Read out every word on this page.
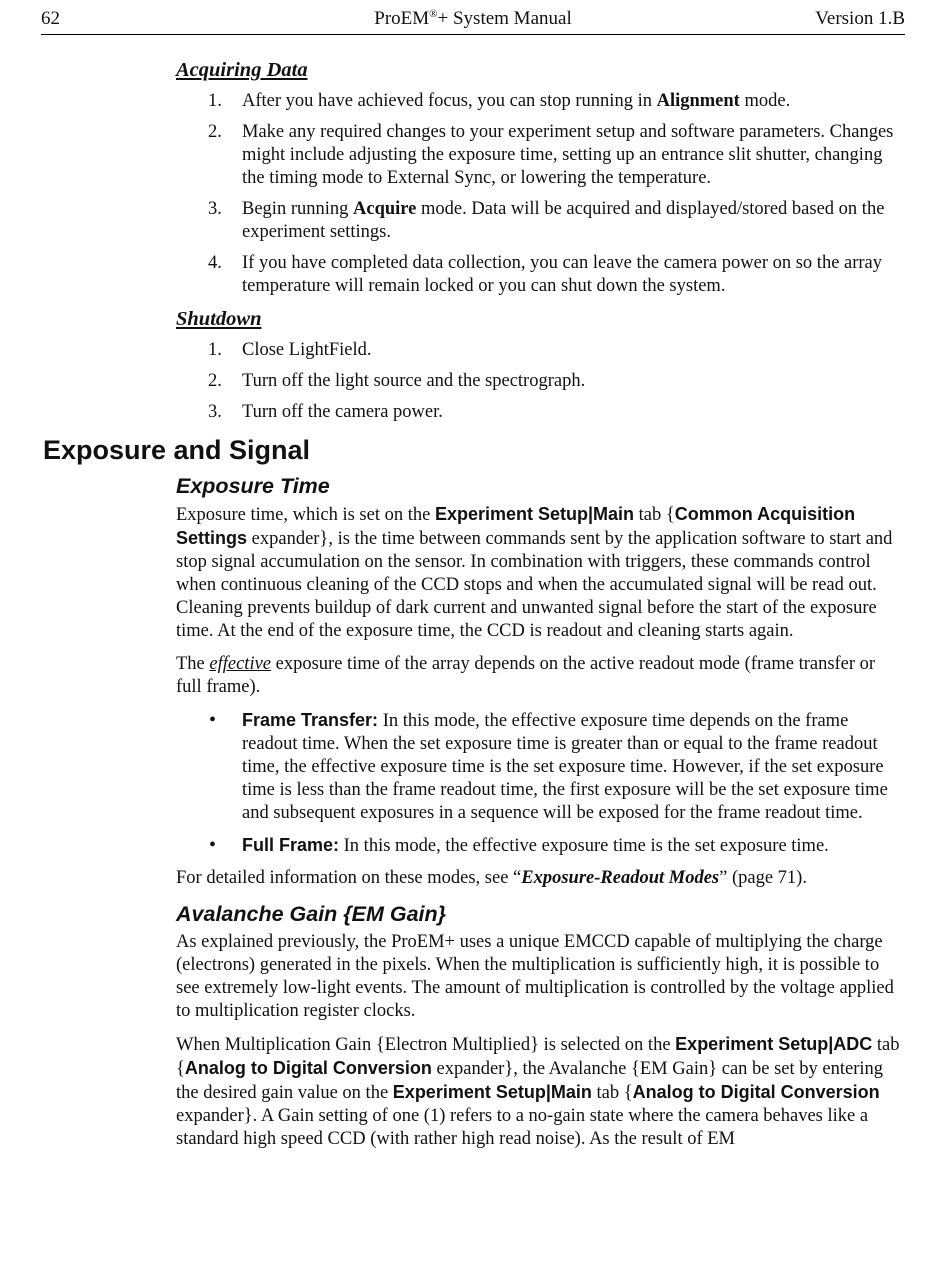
62	ProEM®+ System Manual	Version 1.B
Acquiring Data
1. After you have achieved focus, you can stop running in Alignment mode.
2. Make any required changes to your experiment setup and software parameters. Changes might include adjusting the exposure time, setting up an entrance slit shutter, changing the timing mode to External Sync, or lowering the temperature.
3. Begin running Acquire mode. Data will be acquired and displayed/stored based on the experiment settings.
4. If you have completed data collection, you can leave the camera power on so the array temperature will remain locked or you can shut down the system.
Shutdown
1. Close LightField.
2. Turn off the light source and the spectrograph.
3. Turn off the camera power.
Exposure and Signal
Exposure Time

Exposure time, which is set on the Experiment Setup|Main tab {Common Acquisition Settings expander}, is the time between commands sent by the application software to start and stop signal accumulation on the sensor. In combination with triggers, these commands control when continuous cleaning of the CCD stops and when the accumulated signal will be read out. Cleaning prevents buildup of dark current and unwanted signal before the start of the exposure time. At the end of the exposure time, the CCD is readout and cleaning starts again.

The effective exposure time of the array depends on the active readout mode (frame transfer or full frame).

• Frame Transfer: In this mode, the effective exposure time depends on the frame readout time. When the set exposure time is greater than or equal to the frame readout time, the effective exposure time is the set exposure time. However, if the set exposure time is less than the frame readout time, the first exposure will be the set exposure time and subsequent exposures in a sequence will be exposed for the frame readout time.
• Full Frame: In this mode, the effective exposure time is the set exposure time.

For detailed information on these modes, see “Exposure-Readout Modes” (page 71).

Avalanche Gain {EM Gain}

As explained previously, the ProEM+ uses a unique EMCCD capable of multiplying the charge (electrons) generated in the pixels. When the multiplication is sufficiently high, it is possible to see extremely low-light events. The amount of multiplication is controlled by the voltage applied to multiplication register clocks.

When Multiplication Gain {Electron Multiplied} is selected on the Experiment Setup|ADC tab {Analog to Digital Conversion expander}, the Avalanche {EM Gain} can be set by entering the desired gain value on the Experiment Setup|Main tab {Analog to Digital Conversion expander}. A Gain setting of one (1) refers to a no-gain state where the camera behaves like a standard high speed CCD (with rather high read noise). As the result of EM
